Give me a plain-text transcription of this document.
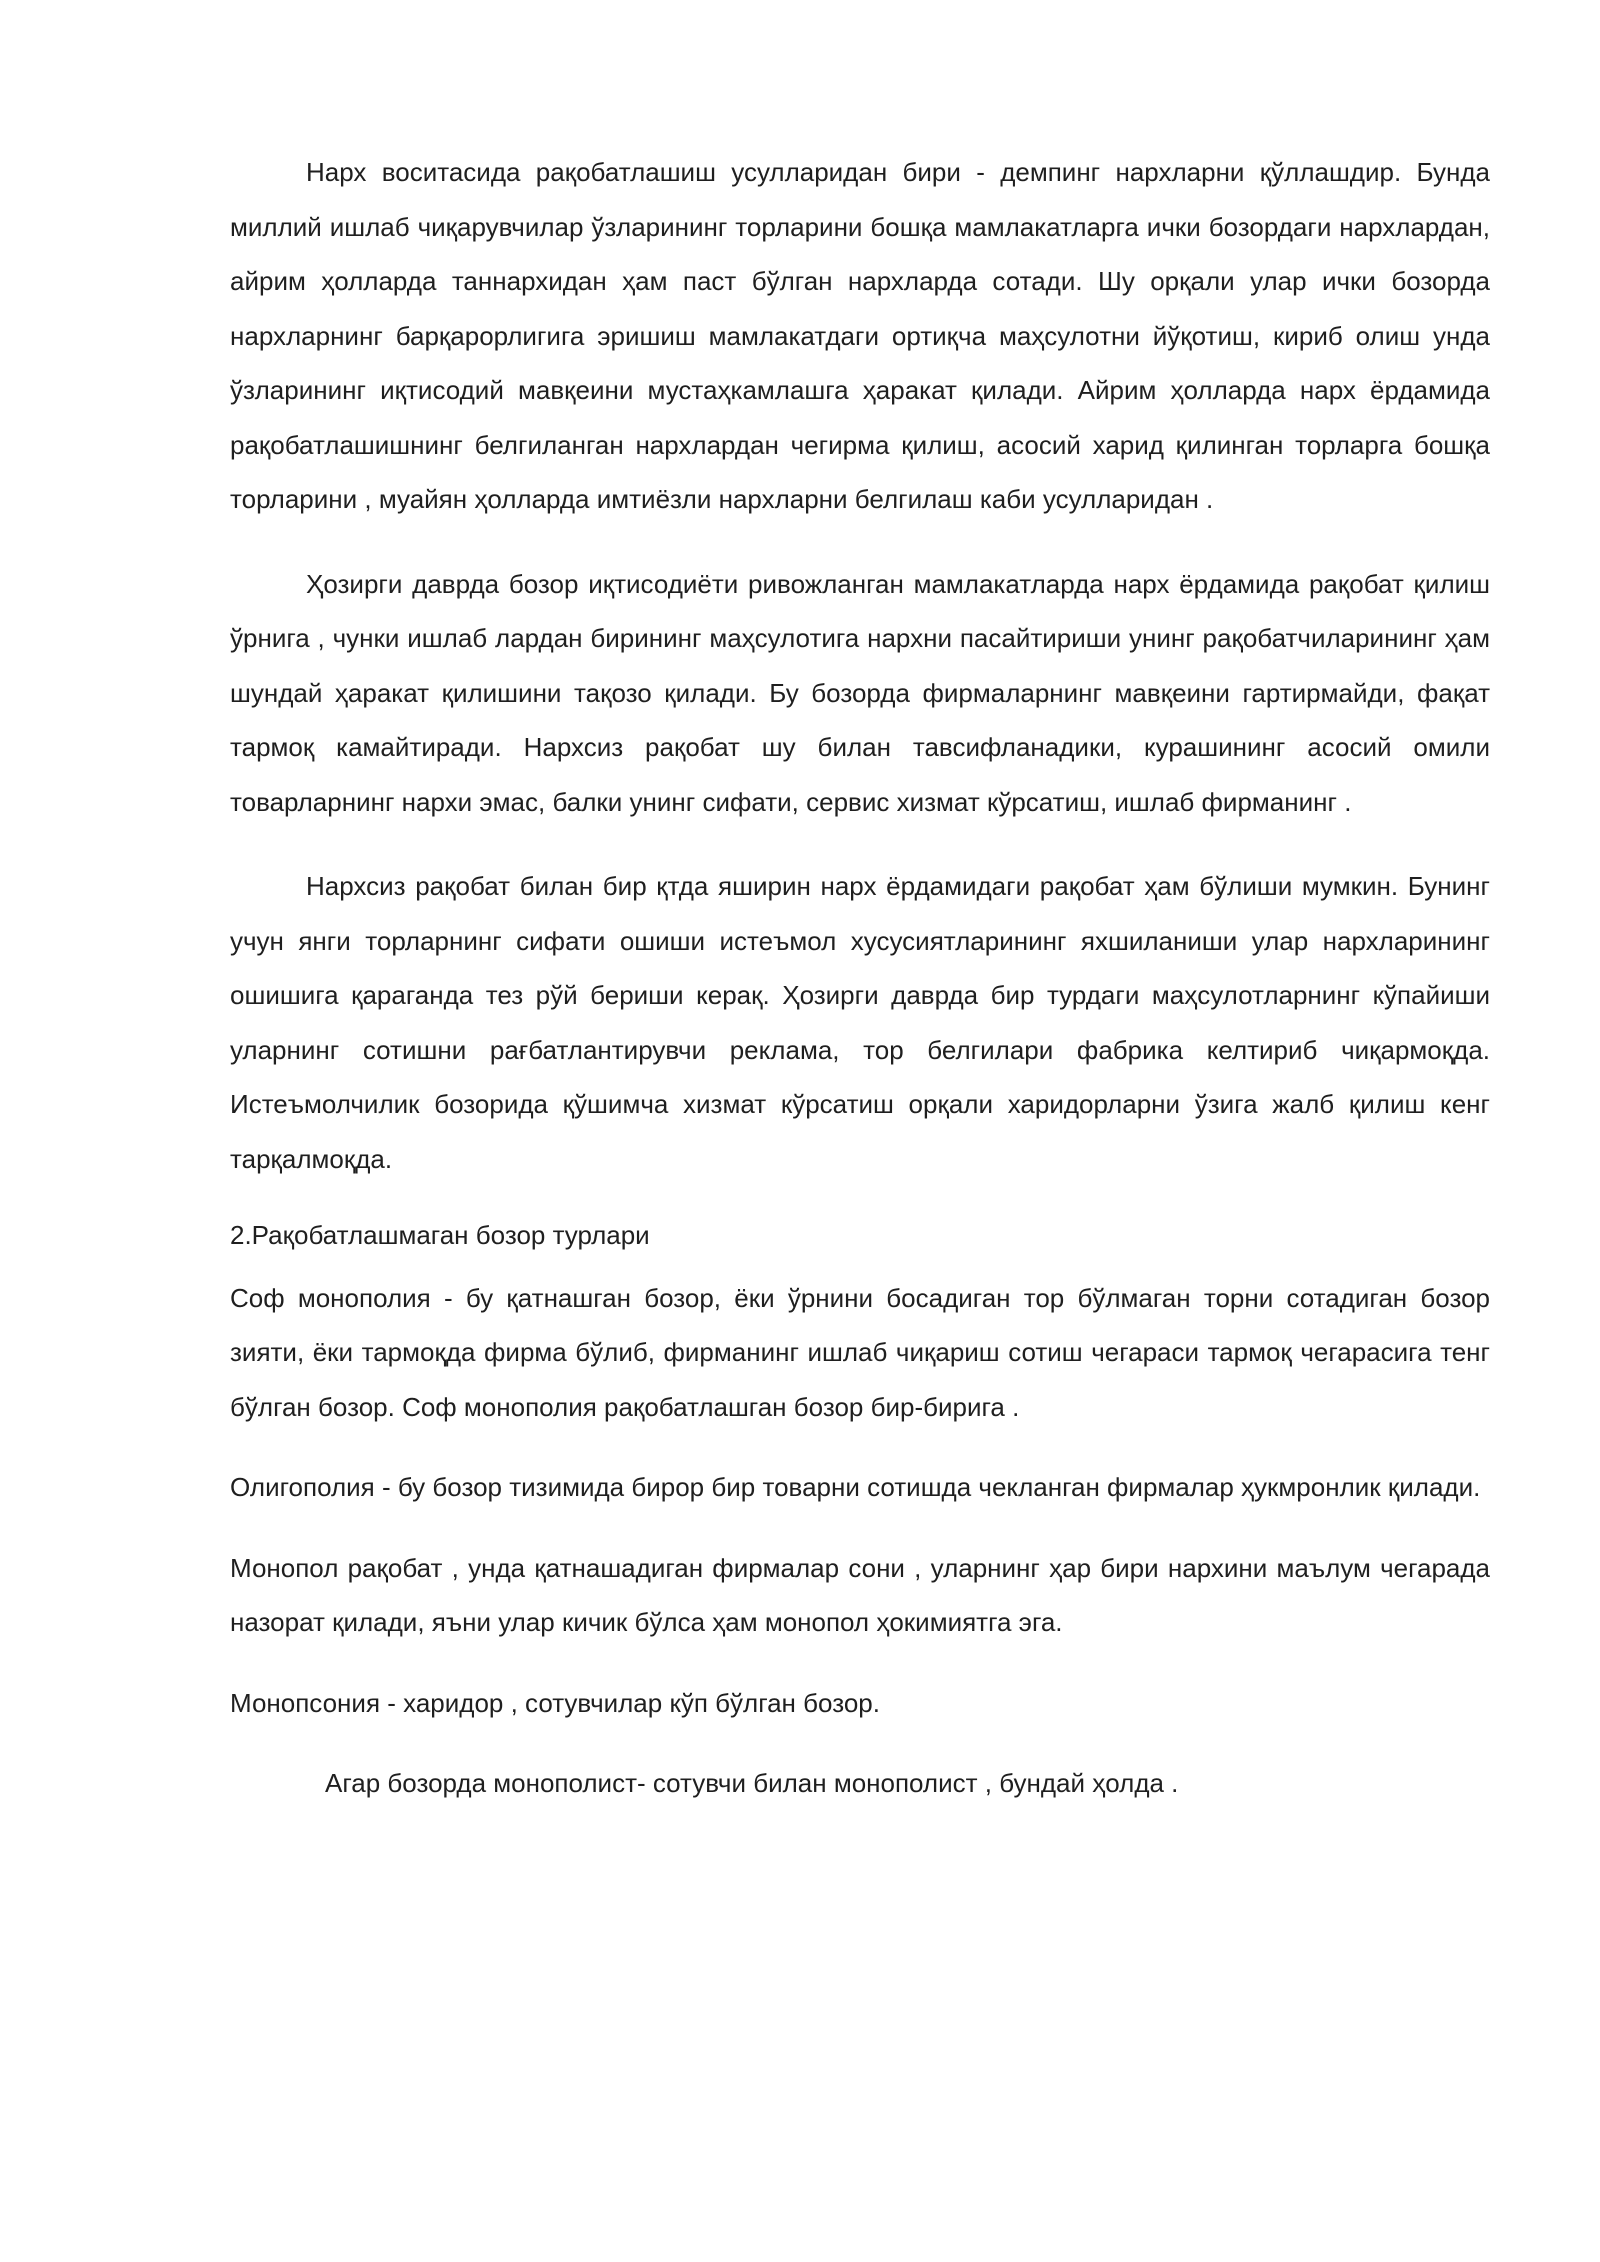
Нарх воситасида рақобатлашиш усулларидан бири - демпинг нархларни қўллашдир. Бунда миллий ишлаб чиқарувчилар ўзларининг торларини бошқа мамлакатларга ички бозордаги нархлардан, айрим ҳолларда таннархидан ҳам паст бўлган нархларда сотади. Шу орқали улар ички бозорда нархларнинг барқарорлигига эришиш мамлакатдаги ортиқча маҳсулотни йўқотиш, кириб олиш унда ўзларининг иқтисодий мавқеини мустаҳкамлашга ҳаракат қилади. Айрим ҳолларда нарх ёрдамида рақобатлашишнинг белгиланган нархлардан чегирма қилиш, асосий харид қилинган торларга бошқа торларини , муайян ҳолларда имтиёзли нархларни белгилаш каби усулларидан .

Ҳозирги даврда бозор иқтисодиёти ривожланган мамлакатларда нарх ёрдамида рақобат қилиш ўрнига , чунки ишлаб лардан бирининг маҳсулотига нархни пасайтириши унинг рақобатчиларининг ҳам шундай ҳаракат қилишини тақозо қилади. Бу бозорда фирмаларнинг мавқеини гартирмайди, фақат тармоқ камайтиради. Нархсиз рақобат шу билан тавсифланадики, курашининг асосий омили товарларнинг нархи эмас, балки унинг сифати, сервис хизмат кўрсатиш, ишлаб фирманинг .

Нархсиз рақобат билан бир қтда яширин нарх ёрдамидаги рақобат ҳам бўлиши мумкин. Бунинг учун янги торларнинг сифати ошиши истеъмол хусусиятларининг яхшиланиши улар нархларининг ошишига қараганда тез рўй бериши керақ. Ҳозирги даврда бир турдаги маҳсулотларнинг кўпайиши уларнинг сотишни рағбатлантирувчи реклама, тор белгилари фабрика келтириб чиқармоқда. Истеъмолчилик бозорида қўшимча хизмат кўрсатиш орқали харидорларни ўзига жалб қилиш кенг тарқалмоқда.

2.Рақобатлашмаган бозор турлари

Соф монополия - бу қатнашган бозор, ёки ўрнини босадиган тор бўлмаган торни сотадиган бозор зияти, ёки тармоқда фирма бўлиб, фирманинг ишлаб чиқариш сотиш чегараси тармоқ чегарасига тенг бўлган бозор. Соф монополия рақобатлашган бозор бир-бирига .

Олигополия - бу бозор тизимида бирор бир товарни сотишда чекланган фирмалар ҳукмронлик қилади.

Монопол рақобат , унда қатнашадиган фирмалар сони , уларнинг ҳар бири нархини маълум чегарада назорат қилади, яъни улар кичик бўлса ҳам монопол ҳокимиятга эга.

Монопсония - харидор , сотувчилар кўп бўлган бозор.

Агар бозорда монополист- сотувчи билан монополист , бундай ҳолда .
